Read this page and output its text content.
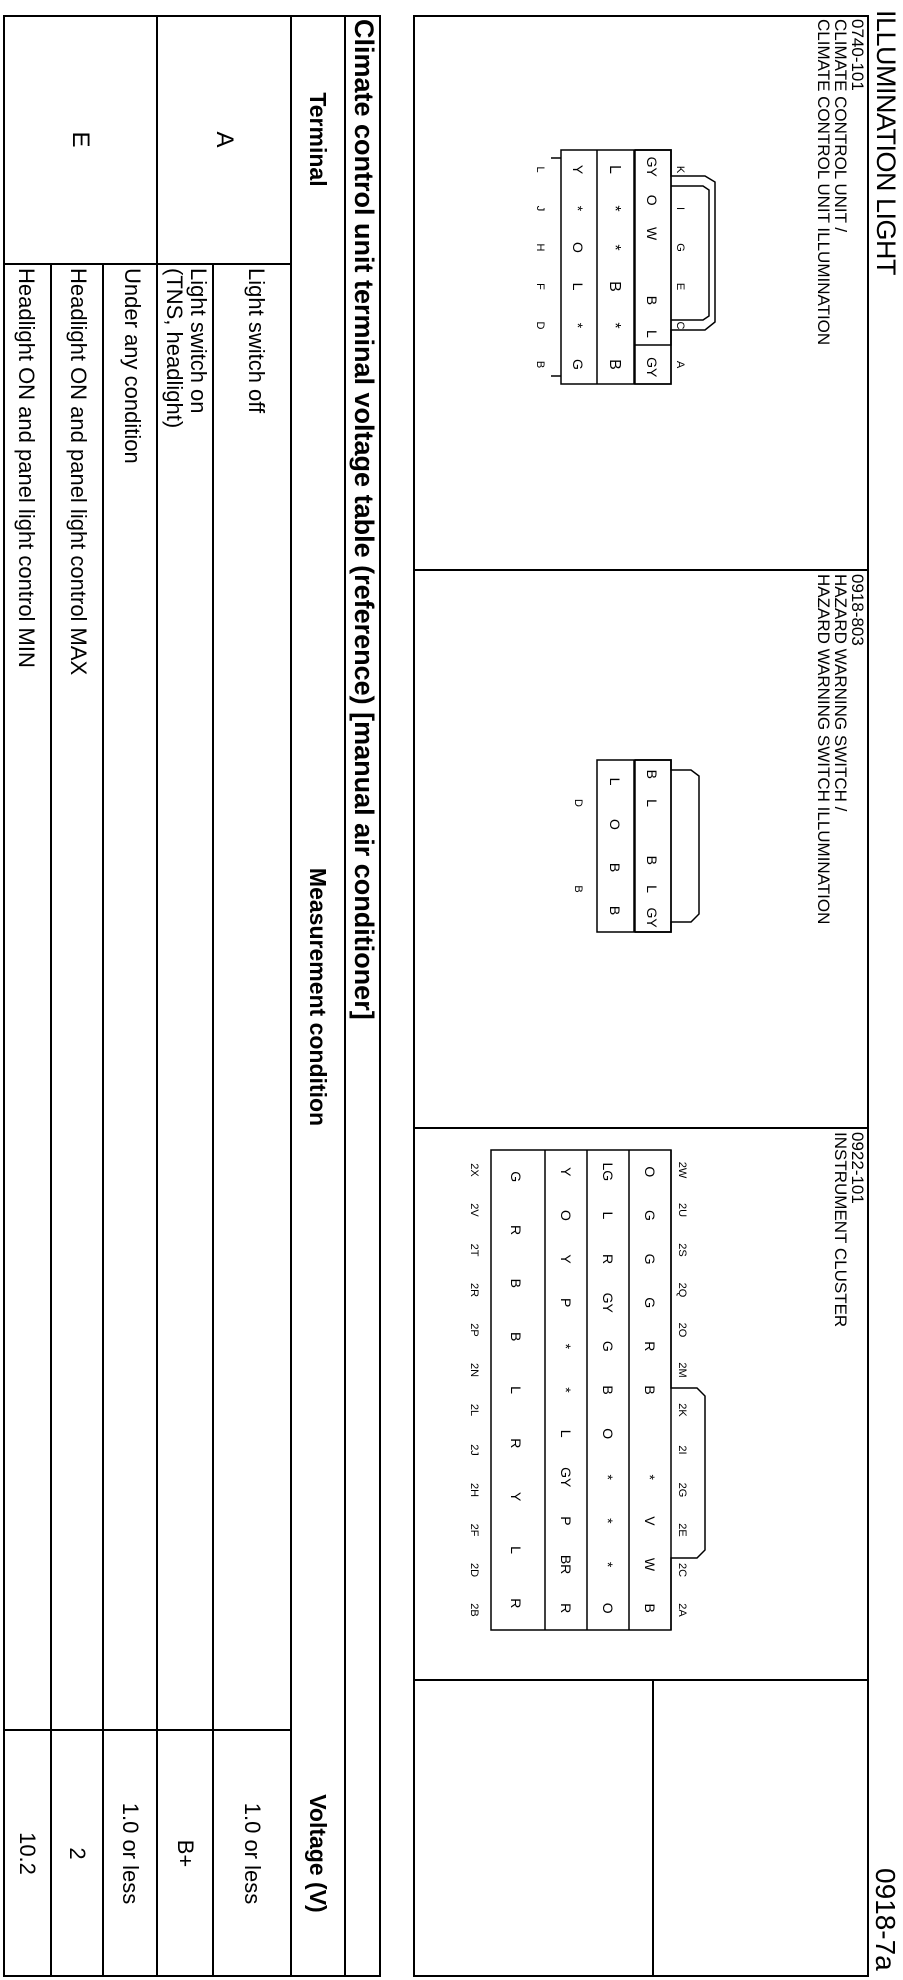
ILLUMINATION LIGHT
0918-7a
0740-101
CLIMATE CONTROL UNIT /
CLIMATE CONTROL UNIT ILLUMINATION
0918-803
HAZARD WARNING SWITCH /
HAZARD WARNING SWITCH ILLUMINATION
0922-101
INSTRUMENT CLUSTER
Climate control unit terminal voltage table (reference) [manual air conditioner]
Terminal
Measurement condition
Voltage (V)
A
E
Light switch off
1.0 or less
Light switch on
(TNS, headlight)
B+
Under any condition
1.0 or less
Headlight ON and panel light control MAX
2
Headlight ON and panel light control MIN
10.2
K
I
G
E
C
A
GY
O
W
B
L
GY
L
*
*
B
*
B
Y
*
O
L
*
G
L
J
H
F
D
B
B
L
B
L
GY
L
O
B
B
D
B
2W
2U
2S
2Q
2O
2M
2K
2I
2G
2E
2C
2A
O
G
G
G
R
B
*
V
W
B
LG
L
R
GY
G
B
O
*
*
*
O
Y
O
Y
P
*
*
L
GY
P
BR
R
G
R
B
B
L
R
Y
L
R
2X
2V
2T
2R
2P
2N
2L
2J
2H
2F
2D
2B
